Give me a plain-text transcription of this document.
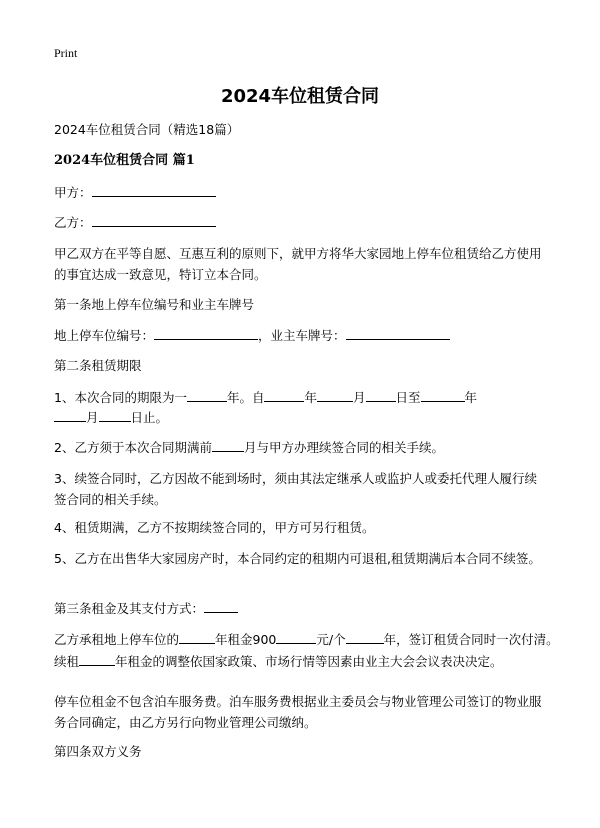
Print
2024车位租赁合同
2024车位租赁合同（精选18篇）
2024车位租赁合同 篇1
甲方：
乙方：
甲乙双方在平等自愿、互惠互利的原则下，就甲方将华大家园地上停车位租赁给乙方使用的事宜达成一致意见，特订立本合同。
第一条地上停车位编号和业主车牌号
地上停车位编号：	，业主车牌号：
第二条租赁期限
1、本次合同的期限为一	年。自	年	月 日至	年
月	日止。
2、乙方须于本次合同期满前	月与甲方办理续签合同的相关手续。
3、续签合同时，乙方因故不能到场时，须由其法定继承人或监护人或委托代理人履行续签合同的相关手续。
4、租赁期满，乙方不按期续签合同的，甲方可另行租赁。
5、乙方在出售华大家园房产时，本合同约定的租期内可退租,租赁期满后本合同不续签。
第三条租金及其支付方式：
乙方承租地上停车位的	年租金900	元/个	年，签订租赁合同时一次付清。
续租	年租金的调整依国家政策、市场行情等因素由业主大会会议表决决定。
停车位租金不包含泊车服务费。泊车服务费根据业主委员会与物业管理公司签订的物业服务合同确定，由乙方另行向物业管理公司缴纳。
第四条双方义务
